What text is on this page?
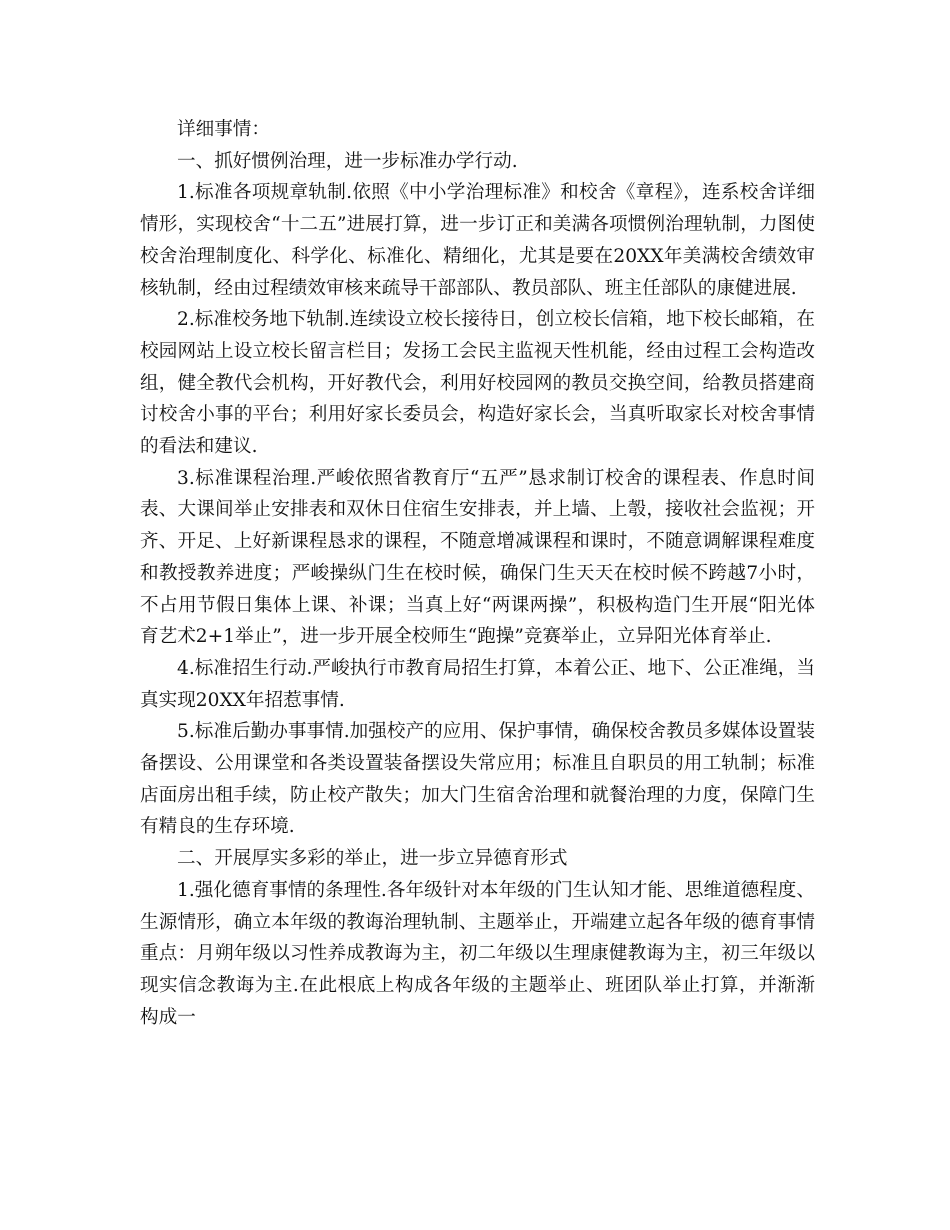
详细事情：

一、抓好惯例治理，进一步标准办学行动.

1.标准各项规章轨制.依照《中小学治理标准》和校舍《章程》，连系校舍详细情形，实现校舍“十二五”进展打算，进一步订正和美满各项惯例治理轨制，力图使校舍治理制度化、科学化、标准化、精细化，尤其是要在20XX年美满校舍绩效审核轨制，经由过程绩效审核来疏导干部部队、教员部队、班主任部队的康健进展.

2.标准校务地下轨制.连续设立校长接待日，创立校长信箱，地下校长邮箱，在校园网站上设立校长留言栏目；发扬工会民主监视天性机能，经由过程工会构造改组，健全教代会机构，开好教代会，利用好校园网的教员交换空间，给教员搭建商讨校舍小事的平台；利用好家长委员会，构造好家长会，当真听取家长对校舍事情的看法和建议.

3.标准课程治理.严峻依照省教育厅“五严”恳求制订校舍的课程表、作息时间表、大课间举止安排表和双休日住宿生安排表，并上墙、上彀，接收社会监视；开齐、开足、上好新课程恳求的课程，不随意增减课程和课时，不随意调解课程难度和教授教养进度；严峻操纵门生在校时候，确保门生天天在校时候不跨越7小时，不占用节假日集体上课、补课；当真上好“两课两操”，积极构造门生开展“阳光体育艺术2+1举止”，进一步开展全校师生“跑操”竞赛举止，立异阳光体育举止.

4.标准招生行动.严峻执行市教育局招生打算，本着公正、地下、公正准绳，当真实现20XX年招惹事情.

5.标准后勤办事事情.加强校产的应用、保护事情，确保校舍教员多媒体设置装备摆设、公用课堂和各类设置装备摆设失常应用；标准且自职员的用工轨制；标准店面房出租手续，防止校产散失；加大门生宿舍治理和就餐治理的力度，保障门生有精良的生存环境.

二、开展厚实多彩的举止，进一步立异德育形式

1.强化德育事情的条理性.各年级针对本年级的门生认知才能、思维道德程度、生源情形，确立本年级的教诲治理轨制、主题举止，开端建立起各年级的德育事情重点：月朔年级以习性养成教诲为主，初二年级以生理康健教诲为主，初三年级以现实信念教诲为主.在此根底上构成各年级的主题举止、班团队举止打算，并渐渐构成一
